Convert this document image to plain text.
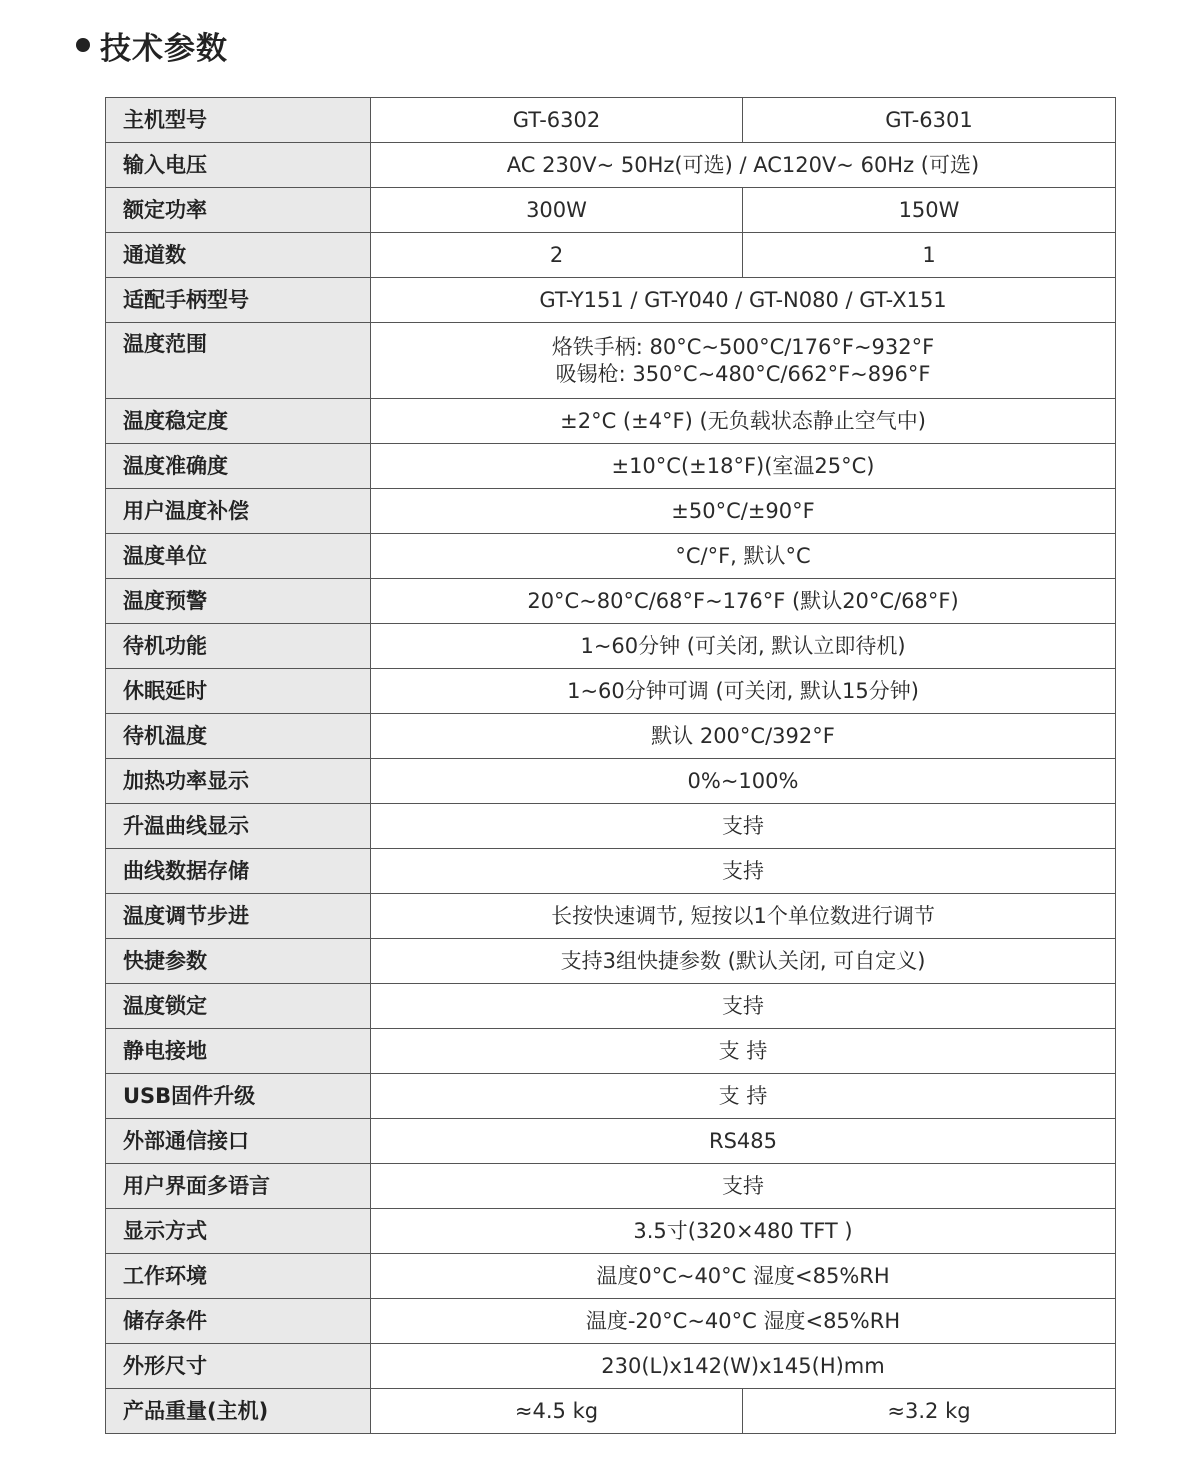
技术参数
主机型号	GT-6302	GT-6301
输入电压	AC 230V~ 50Hz(可选) / AC120V~ 60Hz (可选)	
额定功率	300W	150W
通道数	2	1
适配手柄型号	GT-Y151 / GT-Y040 / GT-N080 / GT-X151	
温度范围	烙铁手柄: 80°C~500°C/176°F~932°F
吸锡枪: 350°C~480°C/662°F~896°F	

温度稳定度	±2°C (±4°F) (无负载状态静止空气中)	
温度准确度	±10°C(±18°F)(室温25°C)	
用户温度补偿	±50°C/±90°F	
温度单位	°C/°F, 默认°C	
温度预警	20°C~80°C/68°F~176°F (默认20°C/68°F)	
待机功能	1~60分钟 (可关闭, 默认立即待机)	
休眠延时	1~60分钟可调 (可关闭, 默认15分钟)	
待机温度	默认 200°C/392°F	
加热功率显示	0%~100%	
升温曲线显示	支持	
曲线数据存储	支持	
温度调节步进	长按快速调节, 短按以1个单位数进行调节	
快捷参数	支持3组快捷参数 (默认关闭, 可自定义)	
温度锁定	支持	
静电接地	支 持	
USB固件升级	支 持	
外部通信接口	RS485	
用户界面多语言	支持	
显示方式	3.5寸(320×480 TFT )	
工作环境	温度0°C~40°C 湿度<85%RH	
储存条件	温度-20°C~40°C 湿度<85%RH	
外形尺寸	230(L)x142(W)x145(H)mm	
产品重量(主机)	≈4.5 kg	≈3.2 kg
